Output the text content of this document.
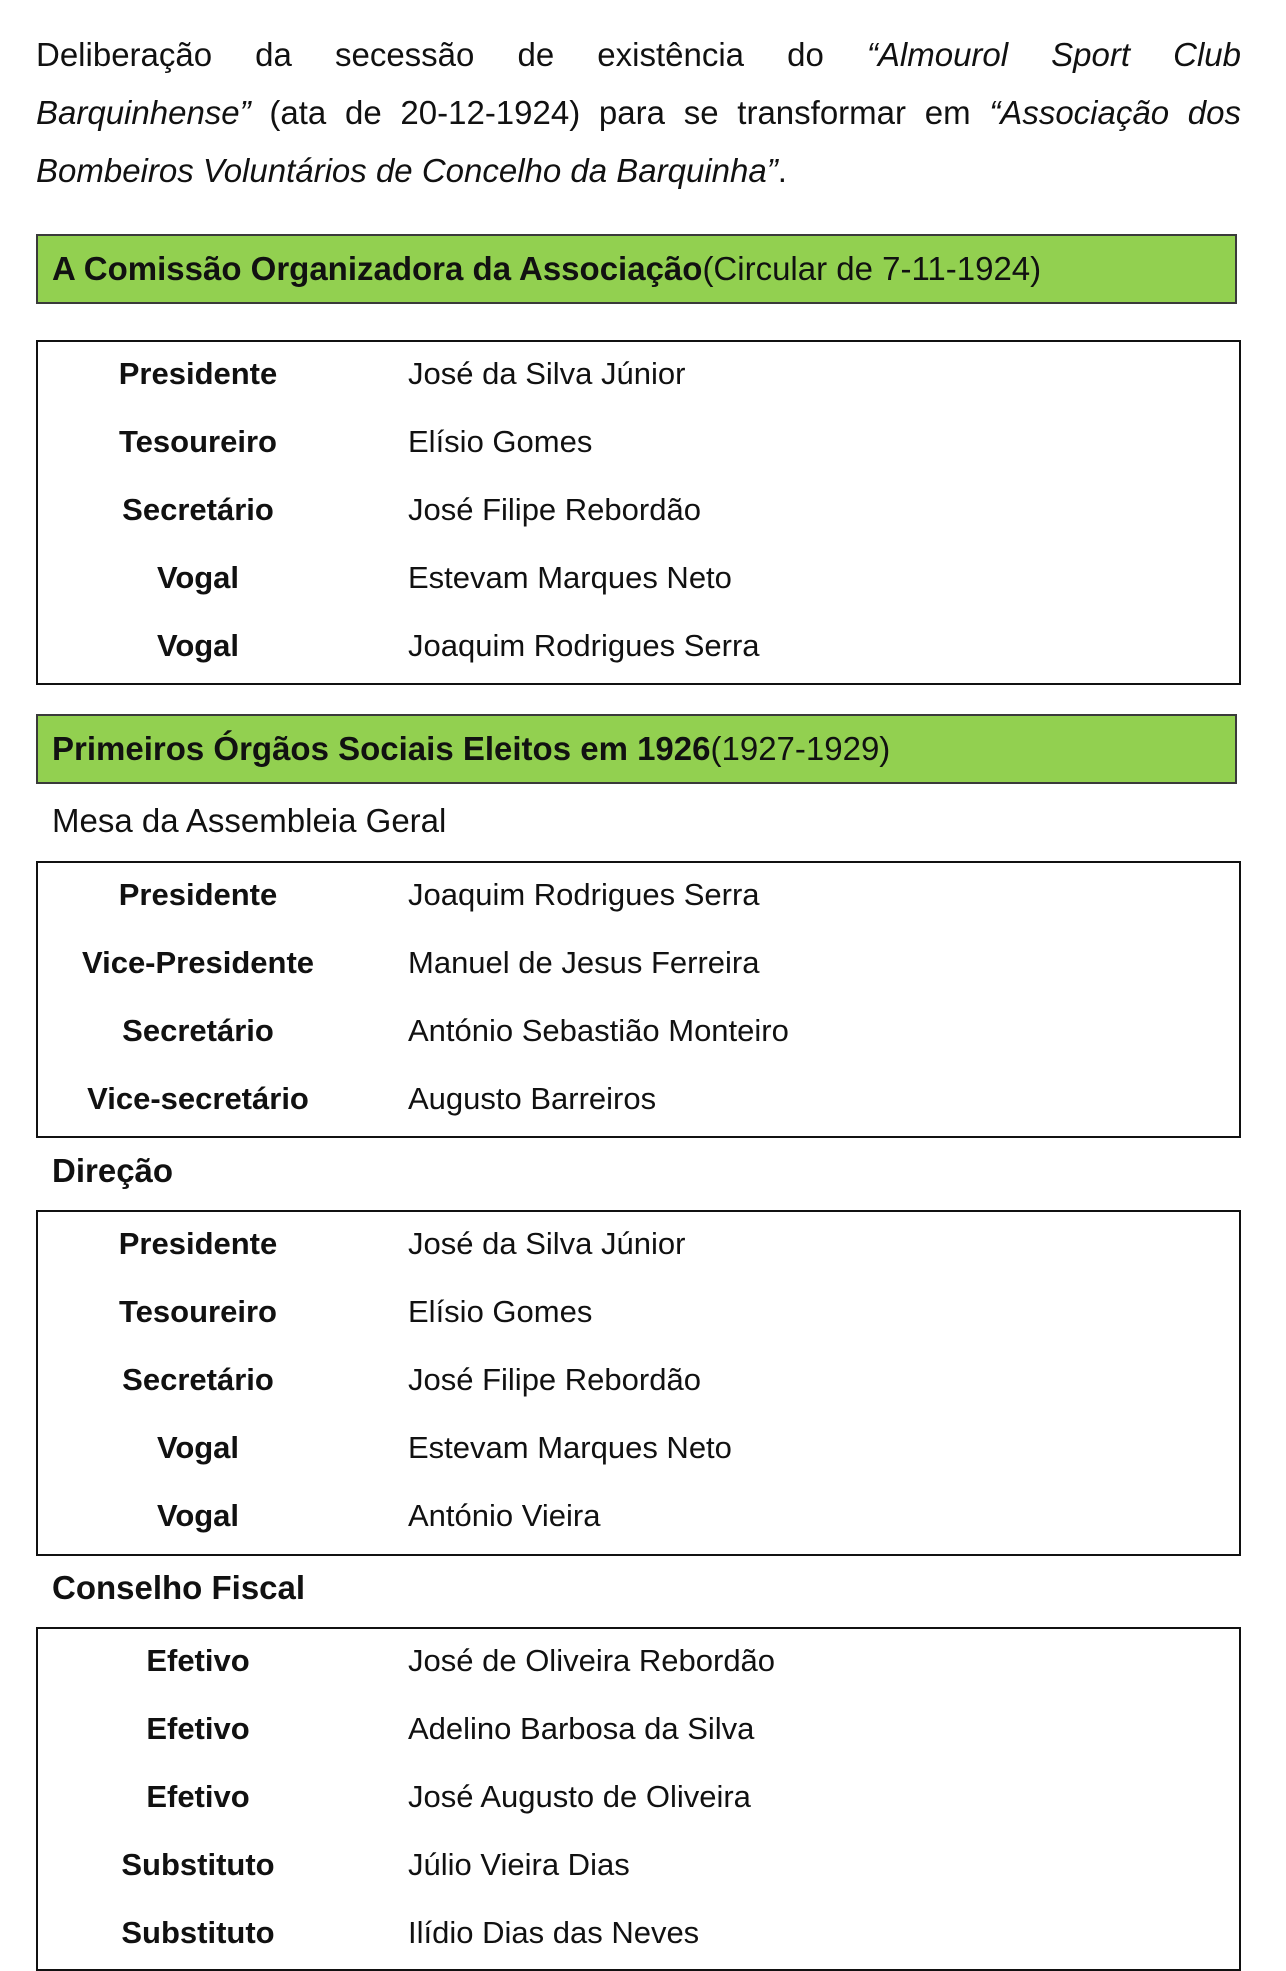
Deliberação da secessão de existência do “Almourol Sport Club
Barquinhense” (ata de 20-12-1924) para se transformar em “Associação dos
Bombeiros Voluntários de Concelho da Barquinha”.
A Comissão Organizadora da Associação (Circular de 7-11-1924)
Presidente	José da Silva Júnior
Tesoureiro	Elísio Gomes
Secretário	José Filipe Rebordão
Vogal	Estevam Marques Neto
Vogal	Joaquim Rodrigues Serra
Primeiros Órgãos Sociais Eleitos em 1926 (1927-1929)
Mesa da Assembleia Geral
Presidente	Joaquim Rodrigues Serra
Vice-Presidente	Manuel de Jesus Ferreira
Secretário	António Sebastião Monteiro
Vice-secretário	Augusto Barreiros
Direção
Presidente	José da Silva Júnior
Tesoureiro	Elísio Gomes
Secretário	José Filipe Rebordão
Vogal	Estevam Marques Neto
Vogal	António Vieira
Conselho Fiscal
Efetivo	José de Oliveira Rebordão
Efetivo	Adelino Barbosa da Silva
Efetivo	José Augusto de Oliveira
Substituto	Júlio Vieira Dias
Substituto	Ilídio Dias das Neves
